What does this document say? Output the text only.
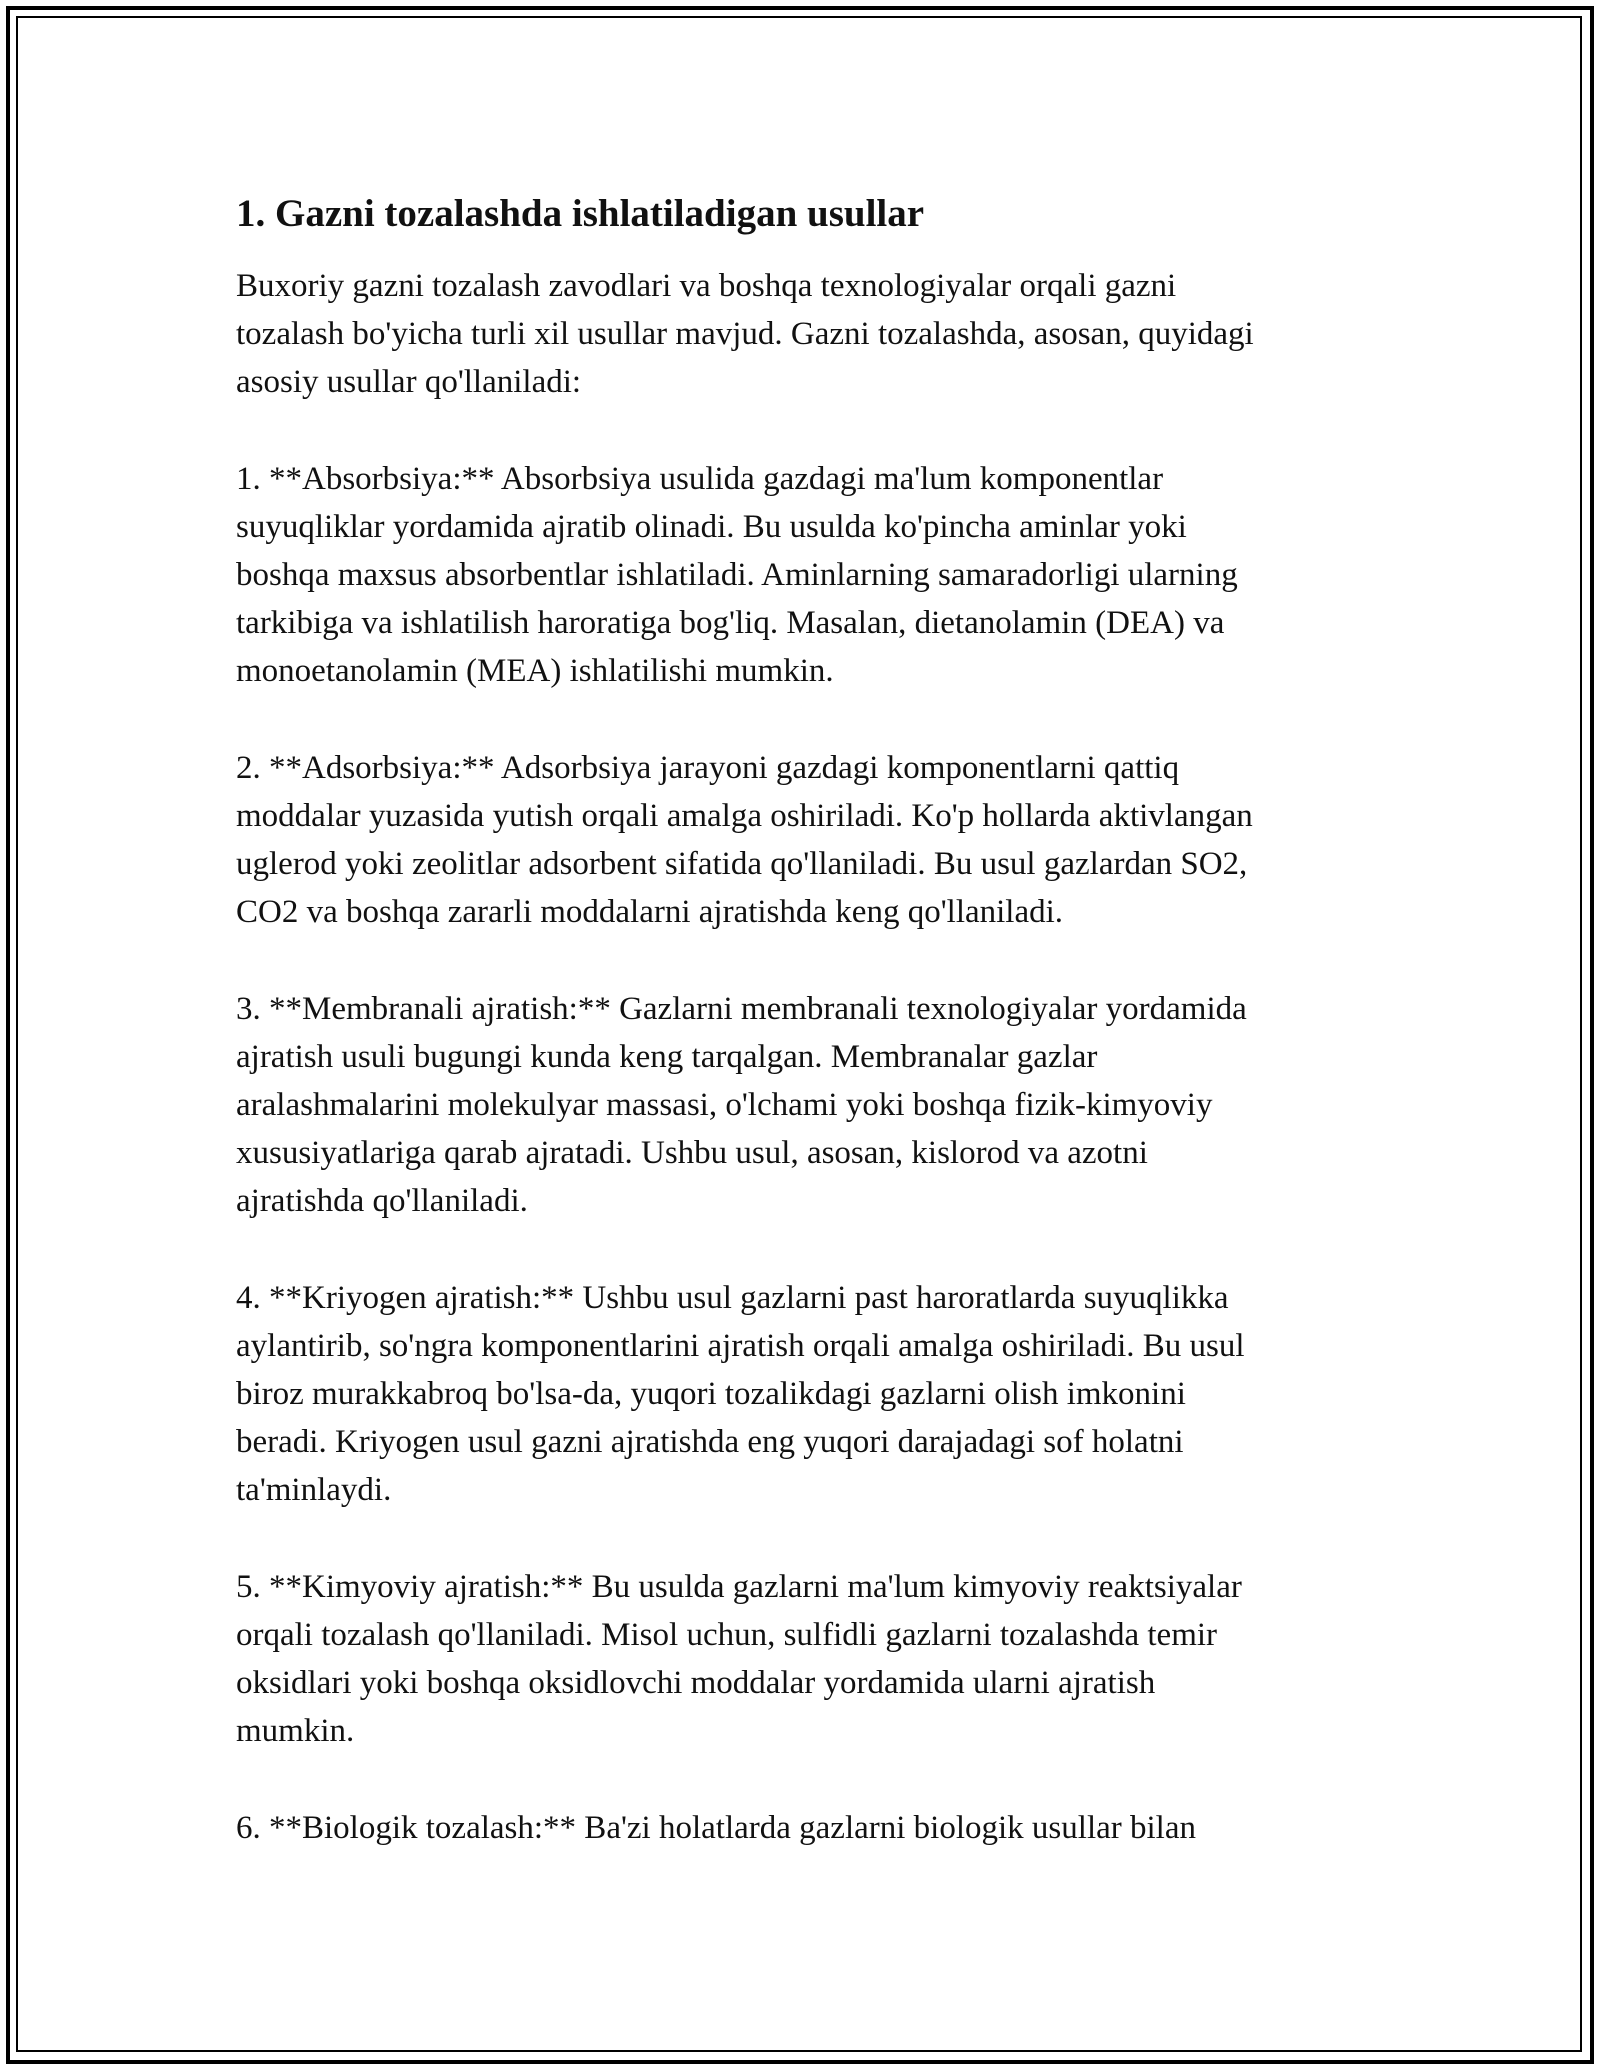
1. Gazni tozalashda ishlatiladigan usullar

Buxoriy gazni tozalash zavodlari va boshqa texnologiyalar orqali gazni
tozalash bo'yicha turli xil usullar mavjud. Gazni tozalashda, asosan, quyidagi
asosiy usullar qo'llaniladi:

1. **Absorbsiya:** Absorbsiya usulida gazdagi ma'lum komponentlar
suyuqliklar yordamida ajratib olinadi. Bu usulda ko'pincha aminlar yoki
boshqa maxsus absorbentlar ishlatiladi. Aminlarning samaradorligi ularning
tarkibiga va ishlatilish haroratiga bog'liq. Masalan, dietanolamin (DEA) va
monoetanolamin (MEA) ishlatilishi mumkin.

2. **Adsorbsiya:** Adsorbsiya jarayoni gazdagi komponentlarni qattiq
moddalar yuzasida yutish orqali amalga oshiriladi. Ko'p hollarda aktivlangan
uglerod yoki zeolitlar adsorbent sifatida qo'llaniladi. Bu usul gazlardan SO2,
CO2 va boshqa zararli moddalarni ajratishda keng qo'llaniladi.

3. **Membranali ajratish:** Gazlarni membranali texnologiyalar yordamida
ajratish usuli bugungi kunda keng tarqalgan. Membranalar gazlar
aralashmalarini molekulyar massasi, o'lchami yoki boshqa fizik-kimyoviy
xususiyatlariga qarab ajratadi. Ushbu usul, asosan, kislorod va azotni
ajratishda qo'llaniladi.

4. **Kriyogen ajratish:** Ushbu usul gazlarni past haroratlarda suyuqlikka
aylantirib, so'ngra komponentlarini ajratish orqali amalga oshiriladi. Bu usul
biroz murakkabroq bo'lsa-da, yuqori tozalikdagi gazlarni olish imkonini
beradi. Kriyogen usul gazni ajratishda eng yuqori darajadagi sof holatni
ta'minlaydi.

5. **Kimyoviy ajratish:** Bu usulda gazlarni ma'lum kimyoviy reaktsiyalar
orqali tozalash qo'llaniladi. Misol uchun, sulfidli gazlarni tozalashda temir
oksidlari yoki boshqa oksidlovchi moddalar yordamida ularni ajratish
mumkin.

6. **Biologik tozalash:** Ba'zi holatlarda gazlarni biologik usullar bilan
